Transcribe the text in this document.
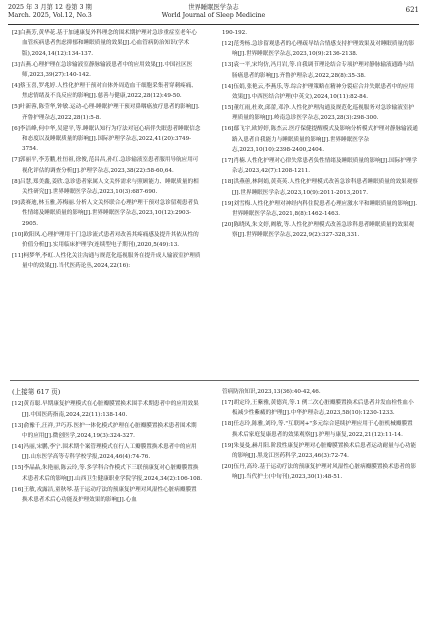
2025 年 3 月第 12 卷第 3 期
March. 2025, Vol.12, No.3
世界睡眠医学杂志
World Journal of Sleep Medicine
621

[2]白燕芳,黄华花.基于加速康复外科理念的围术期护理对急诊重症室老年心血管疾病患者焦虑抑郁和睡眠质量的效果[J].心血管病防治知识(学术版),2024,14(12):134-137.

[3]吉燕.心理护理在急诊输液室静脉输液患者中的应用效果[J].中国社区医师,2023,39(27):140-142.

[4]蔡玉喜,罗兆婷.人性化护理干预对自体外周造血干细胞采集者穿刺疼痛、焦虑情绪及不良反应的影响[J].慈善与健康,2022,28(12):49-50.

[5]叶新蓉,陈莹华,钟敏.运动-心理-睡眠护理干预对鼻咽癌放疗患者的影响[J].齐鲁护理杂志,2022,28(1):5-8.

[6]李洁峰,何中华,吴建平,等.睡眠认知行为疗法对冠心病伴失眠患者睡眠信念和态度以及睡眠质量的影响[J].国际护理学杂志,2022,41(20):3749-3754.

[7]郭丽平,李芳鹏,杜恒祖,徐俊,范昌昌,孙红.急诊输液室患者服用导航应用可视化评估的调查分析[J].护理学杂志,2023,38(22):58-60,64.

[8]吕慧,郑美鑫,姜欣.急诊患者家属人文关怀需求与照顾能力、睡眠质量的相关性研究[J].世界睡眠医学杂志,2023,10(3):687-690.

[9]裴赛迪,林玉雅,苏梅丽.分析人文关怀联合心理护理干预对急诊留观患者负性情绪及睡眠质量的影响[J].世界睡眠医学杂志,2023,10(12):2903-2905.

[10]欧阳凤.心理护理用于门急诊流式患者对改善其疼痛感及提升其依从性的价值分析[J].实用临床护理学(连续型电子期刊),2020,5(49):13.

[11]柯梦华,李虹.人性化关注沟通与规范化巡视服务在提升成人输液室护理质量中的效果[J].当代医药论丛,2024,22(16):

190-192.

[12]范秀杨.急诊留观患者的心理疏导结合情感支持护理效果及对睡眠质量的影响[J].世界睡眠医学杂志,2023,10(9):2136-2138.

[13]袁一平,宋均仿,冯月岩,等.自我调节理论结合专项护理对静脉输液通路与结肠癌患者的影响[J].齐鲁护理杂志,2022,28(8):35-38.

[14]伍娟,张艳云,李燕乐,等.综合护理策略在精神分裂症合并失眠患者中的应用效果[J].中西医结合护理(中英文),2024,10(11):82-84.

[15]董红雨,杜欢,邱蕾,邓净.人性化护理沟通及规范化巡视服务对急诊输液室护理质量的影响[J].岭南急诊医学杂志,2023,28(3):298-300.

[16]鄢飞宇,欧婷婷,陈杰云.医疗保健提醒模式及影响分析模式护理对静脉输液通路入患者自我能力与睡眠质量的影响[J].世界睡眠医学杂志,2023,10(10):2398-2400,2404.

[17]肖楠.人性化护理对心律失常患者负性情绪及睡眠质量的影响[J].国际护理学杂志,2023,42(7):1208-1211.

[18]洪燕蕙,林阿娟,黄英英.人性化护理模式改善急诊科患者睡眠质量的效果观察[J].世界睡眠医学杂志,2023,10(9):2011-2013,2017.

[19]刘雪梅.人性化护理对神经内科住院患者心理应激水平和睡眠质量的影响[J].世界睡眠医学杂志,2021,8(8):1462-1463.

[20]陈晓凤,朱文婷,阙敏,等.人性化护理模式改善急诊科患者睡眠质量的效果观察[J].世界睡眠医学杂志,2022,9(2):327-328,331.

(上接第 617 页)

[12]黄育聪.早期康复护理模式在心脏瓣膜置换术围手术期患者中的应用效果[J].中国医药指南,2024,22(11):138-140.

[13]俞豫千,汪祥,尹巧苏.医护一体化模式护理在心脏瓣膜置换术患者围术期中的应用[J].微创医学,2024,19(3):324-327.

[14]冯丽,宋鹏,李宁.围术期个案管理模式在行人工瓣膜置换术患者中的应用[J].山东医学高等专科学校学报,2024,46(4):74-76.

[15]李晶晶,朱艳丽,陈云玲,等.多学科合作模式下三联预康复对心脏瓣膜置换术患者术后的影响[J].山西卫生健康职业学院学报,2024,34(2):106-108.

[16]王敏,戎露洁,童秋琴.基于运动疗法的预康复护理对风湿性心脏病瓣膜置换术患者术后心功能及护理效果的影响[J].心血

管病防治知识,2023,13(36):40-42,46.

[17]胡定玲,王紫雅,黄德宾,等.1 例二次心脏瓣膜置换术后患者并发血栓性血小板减少性紫癜的护理[J].中华护理杂志,2023,58(10):1230-1233.

[18]任志玲,陈雅,刘玲,等."互联网+"多元综合延续护理应用于心脏机械瓣膜置换术后家庭复康患者的效果观察[J].护理与康复,2022,21(12):11-14.

[19]朱曼曼,赫月阳.阶段性康复护理对心脏瓣膜置换术后患者运动耐量与心功能的影响[J].黑龙江医药科学,2023,46(3):72-74.

[20]伍丹,高玲.基于运动疗法的预康复护理对风湿性心脏病瓣膜置换术患者的影响[J].当代护士(中旬刊),2023,30(1):48-51.
